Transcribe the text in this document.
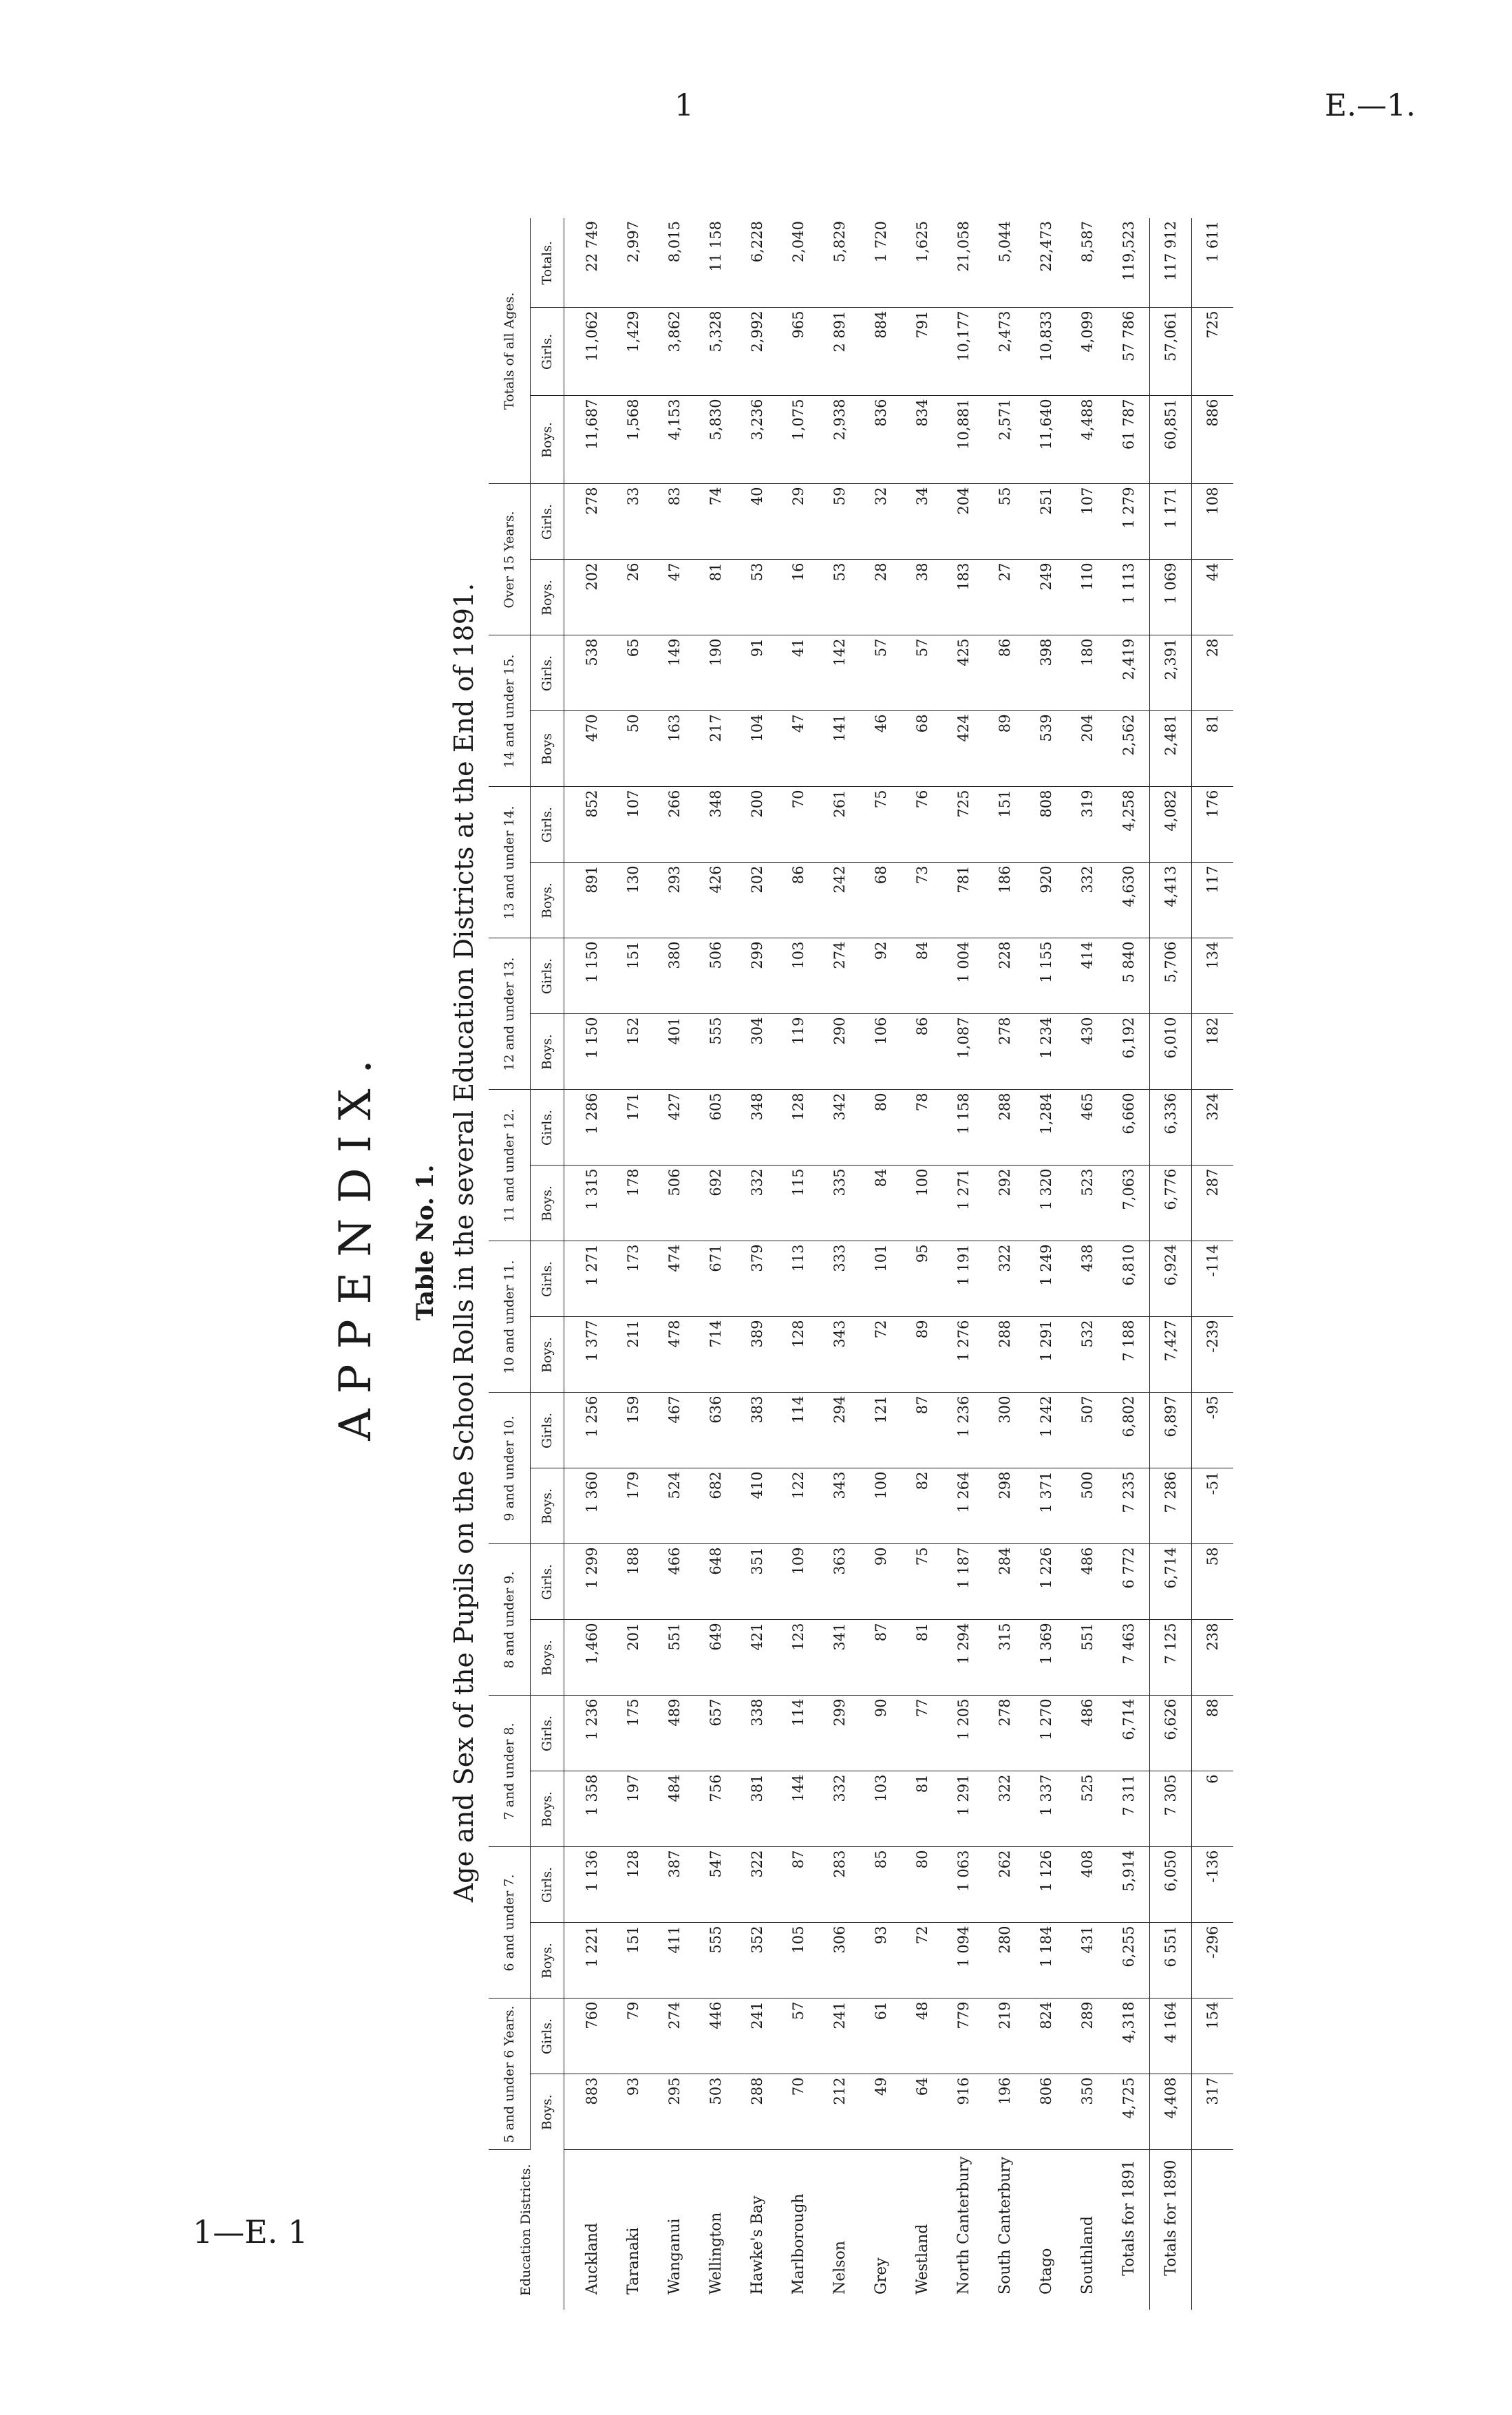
1	E.—1.
1—E. 1
APPENDIX. Table No. 1. Age and Sex of the Pupils on the School Rolls in the several Education Districts at the End of 1891.
Education Districts.	5 and under 6 Years.		6 and under 7.		7 and under 8.		8 and under 9.		9 and under 10.		10 and under 11.		11 and under 12.		12 and under 13.		13 and under 14.		14 and under 15.		Over 15 Years.		Totals of all Ages.		
	Boys.	Girls.	Boys.	Girls.	Boys.	Girls.	Boys.	Girls.	Boys.	Girls.	Boys.	Girls.	Boys.	Girls.	Boys.	Girls.	Boys.	Girls.	Boys	Girls.	Boys.	Girls.	Boys.	Girls.	Totals.
Auckland	883	760	1 221	1 136	1 358	1 236	1,460	1 299	1 360	1 256	1 377	1 271	1 315	1 286	1 150	1 150	891	852	470	538	202	278	11,687	11,062	22 749
Taranaki	93	79	151	128	197	175	201	188	179	159	211	173	178	171	152	151	130	107	50	65	26	33	1,568	1,429	2,997
Wanganui	295	274	411	387	484	489	551	466	524	467	478	474	506	427	401	380	293	266	163	149	47	83	4,153	3,862	8,015
Wellington	503	446	555	547	756	657	649	648	682	636	714	671	692	605	555	506	426	348	217	190	81	74	5,830	5,328	11 158
Hawke's Bay	288	241	352	322	381	338	421	351	410	383	389	379	332	348	304	299	202	200	104	91	53	40	3,236	2,992	6,228
Marlborough	70	57	105	87	144	114	123	109	122	114	128	113	115	128	119	103	86	70	47	41	16	29	1,075	965	2,040
Nelson	212	241	306	283	332	299	341	363	343	294	343	333	335	342	290	274	242	261	141	142	53	59	2,938	2 891	5,829
Grey	49	61	93	85	103	90	87	90	100	121	72	101	84	80	106	92	68	75	46	57	28	32	836	884	1 720
Westland	64	48	72	80	81	77	81	75	82	87	89	95	100	78	86	84	73	76	68	57	38	34	834	791	1,625
North Canterbury	916	779	1 094	1 063	1 291	1 205	1 294	1 187	1 264	1 236	1 276	1 191	1 271	1 158	1,087	1 004	781	725	424	425	183	204	10,881	10,177	21,058
South Canterbury	196	219	280	262	322	278	315	284	298	300	288	322	292	288	278	228	186	151	89	86	27	55	2,571	2,473	5,044
Otago	806	824	1 184	1 126	1 337	1 270	1 369	1 226	1 371	1 242	1 291	1 249	1 320	1,284	1 234	1 155	920	808	539	398	249	251	11,640	10,833	22,473
Southland	350	289	431	408	525	486	551	486	500	507	532	438	523	465	430	414	332	319	204	180	110	107	4,488	4,099	8,587
Totals for 1891	4,725	4,318	6,255	5,914	7 311	6,714	7 463	6 772	7 235	6,802	7 188	6,810	7,063	6,660	6,192	5 840	4,630	4,258	2,562	2,419	1 113	1 279	61 787	57 786	119,523
Totals for 1890	4,408	4 164	6 551	6,050	7 305	6,626	7 125	6,714	7 286	6,897	7,427	6,924	6,776	6,336	6,010	5,706	4,413	4,082	2,481	2,391	1 069	1 171	60,851	57,061	117 912
	317	154	-296	-136	6	88	238	58	-51	-95	-239	-114	287	324	182	134	117	176	81	28	44	108	886	725	1 611
